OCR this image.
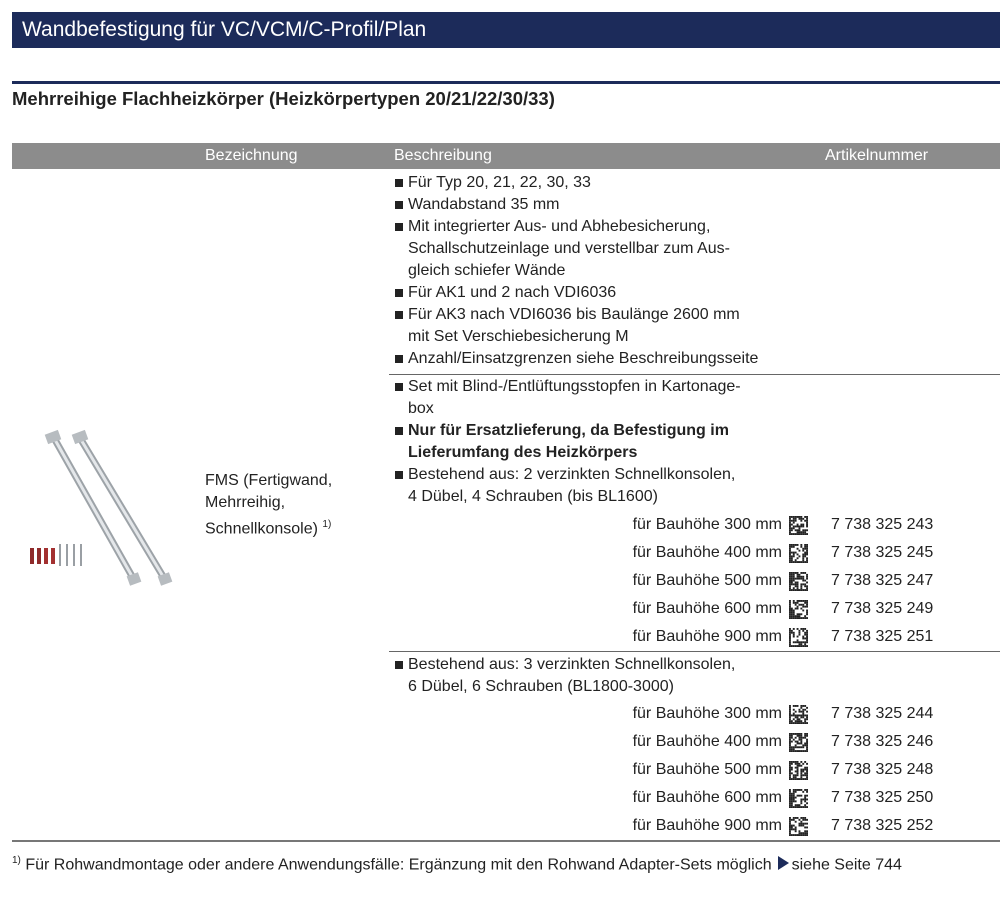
Wandbefestigung für VC/VCM/C-Profil/Plan
Mehrreihige Flachheizkörper (Heizkörpertypen 20/21/22/30/33)
Bezeichnung	Beschreibung	Artikelnummer
FMS (Fertigwand,
Mehrreihig,
Schnellkonsole) $^{1)}$
Für Typ 20, 21, 22, 30, 33
Wandabstand 35 mm
Mit integrierter Aus- und Abhebesicherung,
Schallschutzeinlage und verstellbar zum Aus-
gleich schiefer Wände
Für AK1 und 2 nach VDI6036
Für AK3 nach VDI6036 bis Baulänge 2600 mm
mit Set Verschiebesicherung M
Anzahl/Einsatzgrenzen siehe Beschreibungsseite
Set mit Blind-/Entlüftungsstopfen in Kartonage-
box
Nur für Ersatzlieferung, da Befestigung im
Lieferumfang des Heizkörpers
Bestehend aus: 2 verzinkten Schnellkonsolen,
4 Dübel, 4 Schrauben (bis BL1600)
für Bauhöhe 300 mm	7 738 325 243
für Bauhöhe 400 mm	7 738 325 245
für Bauhöhe 500 mm	7 738 325 247
für Bauhöhe 600 mm	7 738 325 249
für Bauhöhe 900 mm	7 738 325 251
Bestehend aus: 3 verzinkten Schnellkonsolen,
6 Dübel, 6 Schrauben (BL1800-3000)
für Bauhöhe 300 mm	7 738 325 244
für Bauhöhe 400 mm	7 738 325 246
für Bauhöhe 500 mm	7 738 325 248
für Bauhöhe 600 mm	7 738 325 250
für Bauhöhe 900 mm	7 738 325 252
$^{1)}$ Für Rohwandmontage oder andere Anwendungsfälle: Ergänzung mit den Rohwand Adapter-Sets möglich siehe Seite 744
